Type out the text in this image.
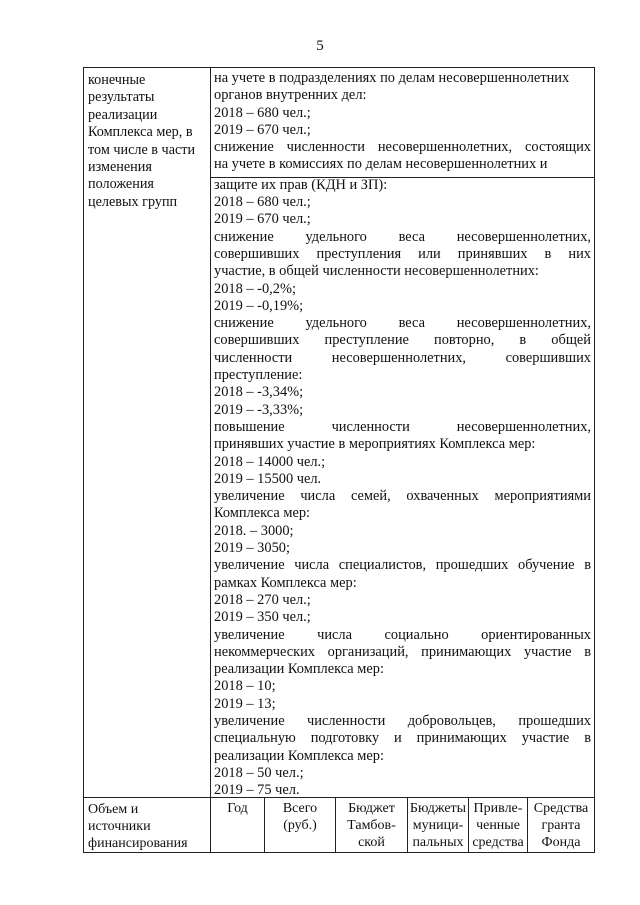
5
конечные
результаты
реализации
Комплекса мер, в
том числе в части
изменения
положения
целевых групп
на учете в подразделениях по делам несовершеннолетних
органов внутренних дел:
2018 – 680 чел.;
2019 – 670 чел.;
снижение численности несовершеннолетних, состоящих
на учете в комиссиях по делам несовершеннолетних и
защите их прав (КДН и ЗП):
2018 – 680 чел.;
2019 – 670 чел.;
снижение удельного веса несовершеннолетних,
совершивших преступления или принявших в них
участие, в общей численности несовершеннолетних:
2018 – -0,2%;
2019 – -0,19%;
снижение удельного веса несовершеннолетних,
совершивших преступление повторно, в общей
численности несовершеннолетних, совершивших
преступление:
2018 – -3,34%;
2019 – -3,33%;
повышение численности несовершеннолетних,
принявших участие в мероприятиях Комплекса мер:
2018 – 14000 чел.;
2019 – 15500 чел.
увеличение числа семей, охваченных мероприятиями
Комплекса мер:
2018. – 3000;
2019 – 3050;
увеличение числа специалистов, прошедших обучение в
рамках Комплекса мер:
2018 – 270 чел.;
2019 – 350 чел.;
увеличение числа социально ориентированных
некоммерческих организаций, принимающих участие в
реализации Комплекса мер:
2018 – 10;
2019 – 13;
увеличение численности добровольцев, прошедших
специальную подготовку и принимающих участие в
реализации Комплекса мер:
2018 – 50 чел.;
2019 – 75 чел.
Объем и
источники
финансирования
Год	Всего
(руб.)
Бюджет
Тамбов-
ской
Бюджеты
муници-
пальных
Привле-
ченные
средства
Средства
гранта
Фонда
